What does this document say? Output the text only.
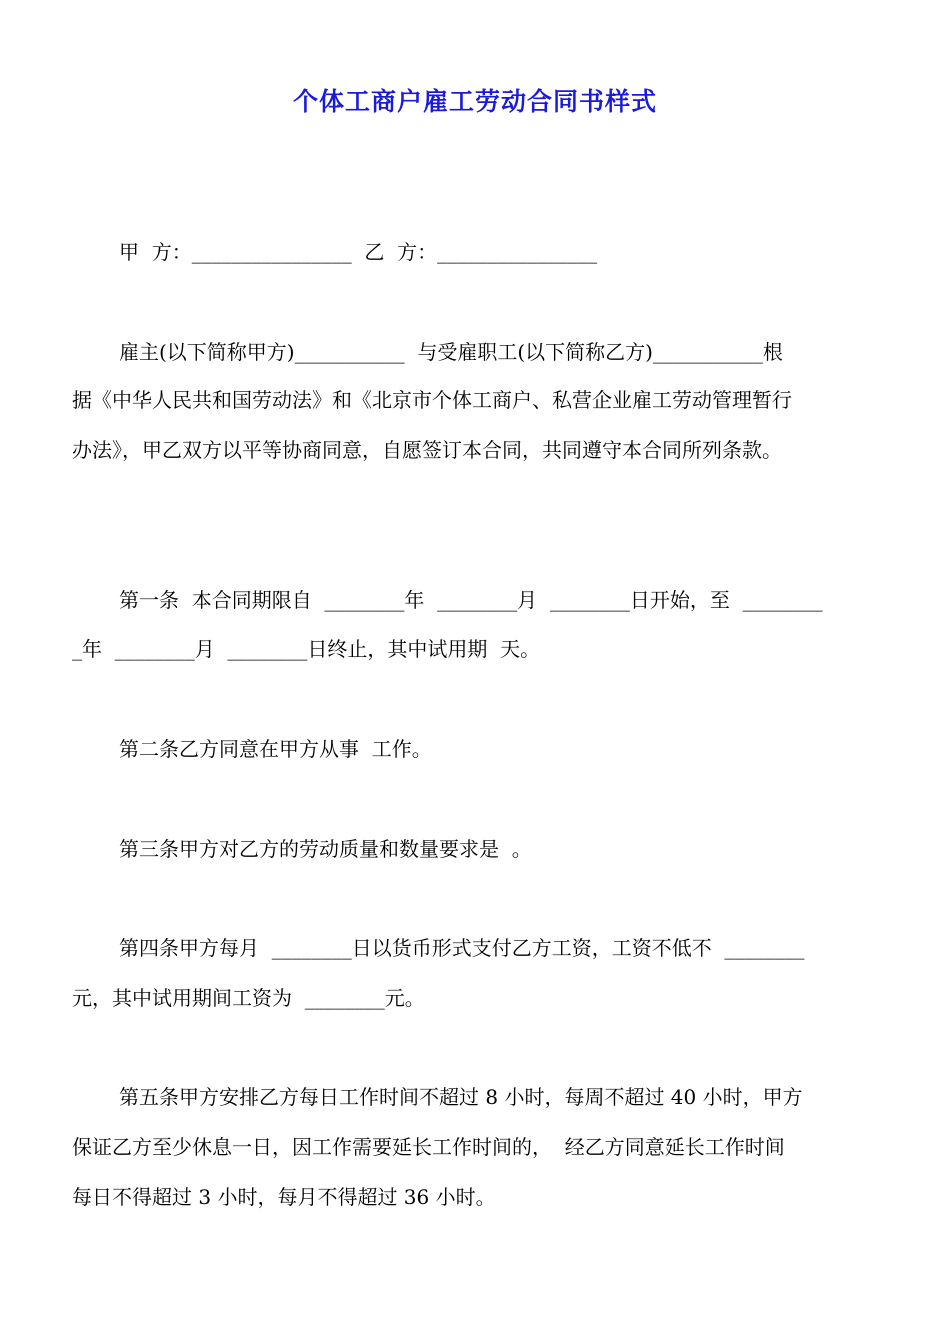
个体工商户雇工劳动合同书样式
甲  方：________________  乙  方：________________
雇主(以下简称甲方)___________  与受雇职工(以下简称乙方)___________根
据《中华人民共和国劳动法》和《北京市个体工商户、私营企业雇工劳动管理暂行
办法》，甲乙双方以平等协商同意，自愿签订本合同，共同遵守本合同所列条款。
第一条  本合同期限自  ________年  ________月  ________日开始，至  ________
_年  ________月  ________日终止，其中试用期  天。
第二条乙方同意在甲方从事  工作。
第三条甲方对乙方的劳动质量和数量要求是  。
第四条甲方每月  ________日以货币形式支付乙方工资，工资不低不  ________
元，其中试用期间工资为  ________元。
第五条甲方安排乙方每日工作时间不超过 8 小时，每周不超过 40 小时，甲方
保证乙方至少休息一日，因工作需要延长工作时间的，  经乙方同意延长工作时间
每日不得超过 3 小时，每月不得超过 36 小时。
